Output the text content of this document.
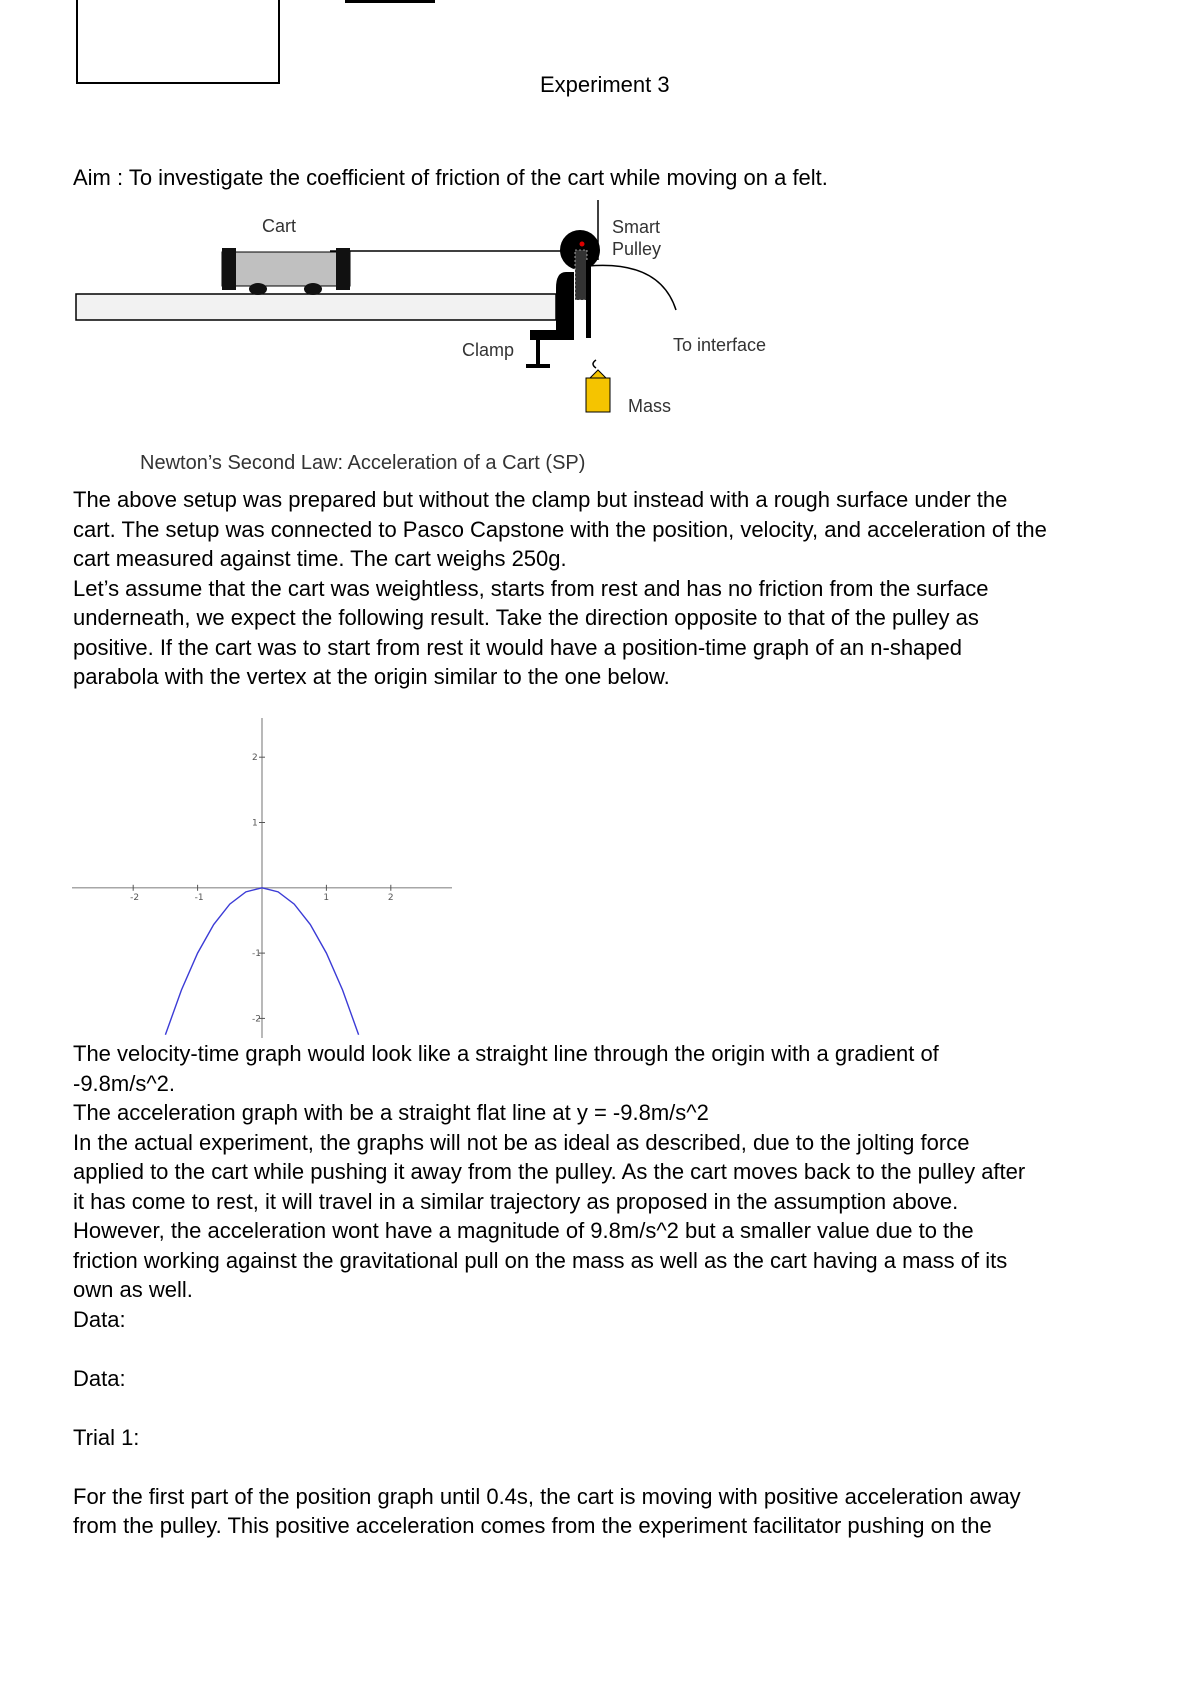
Experiment 3
Aim : To investigate the coefficient of friction of the cart while moving on a felt.
Cart	Smart
Pulley
Clamp	To interface
Mass
Newton’s Second Law: Acceleration of a Cart (SP)
The above setup was prepared but without the clamp but instead with a rough surface under the
cart. The setup was connected to Pasco Capstone with the position, velocity, and acceleration of the
cart measured against time. The cart weighs 250g.
Let’s assume that the cart was weightless, starts from rest and has no friction from the surface
underneath, we expect the following result. Take the direction opposite to that of the pulley as
positive. If the cart was to start from rest it would have a position-time graph of an n-shaped
parabola with the vertex at the origin similar to the one below.
-2	-1	1	2
2
1
-1
-2
The velocity-time graph would look like a straight line through the origin with a gradient of
-9.8m/s^2.
The acceleration graph with be a straight flat line at y = -9.8m/s^2
In the actual experiment, the graphs will not be as ideal as described, due to the jolting force
applied to the cart while pushing it away from the pulley. As the cart moves back to the pulley after
it has come to rest, it will travel in a similar trajectory as proposed in the assumption above.
However, the acceleration wont have a magnitude of 9.8m/s^2 but a smaller value due to the
friction working against the gravitational pull on the mass as well as the cart having a mass of its
own as well.
Data:

Data:

Trial 1:

For the first part of the position graph until 0.4s, the cart is moving with positive acceleration away
from the pulley. This positive acceleration comes from the experiment facilitator pushing on the
